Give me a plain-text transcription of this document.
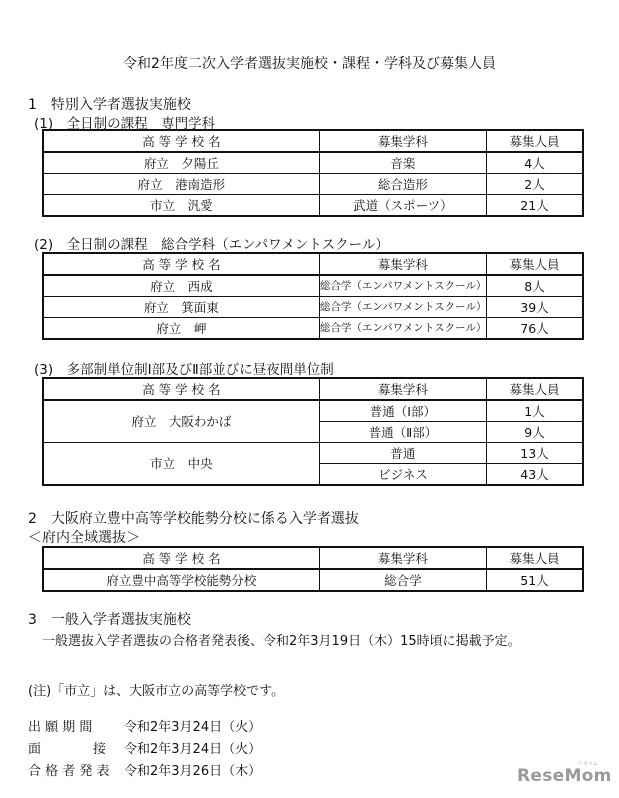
令和2年度二次入学者選抜実施校・課程・学科及び募集人員
1　特別入学者選抜実施校
(1)　全日制の課程　専門学科
高 等 学 校 名	募集学科	募集人員
府立　夕陽丘	音楽	4人
府立　港南造形	総合造形	2人
市立　汎愛	武道（スポーツ）	21人
(2)　全日制の課程　総合学科（エンパワメントスクール）
高 等 学 校 名	募集学科	募集人員
府立　西成	総合学（エンパワメントスクール）	8人
府立　箕面東	総合学（エンパワメントスクール）	39人
府立　岬	総合学（エンパワメントスクール）	76人
(3)　多部制単位制Ⅰ部及びⅡ部並びに昼夜間単位制
高 等 学 校 名	募集学科	募集人員
府立　大阪わかば	普通（Ⅰ部）	1人
	普通（Ⅱ部）	9人
市立　中央	普通	13人
	ビジネス	43人
2　大阪府立豊中高等学校能勢分校に係る入学者選抜
＜府内全域選抜＞
高 等 学 校 名	募集学科	募集人員
府立豊中高等学校能勢分校	総合学	51人
3　一般入学者選抜実施校
一般選抜入学者選抜の合格者発表後、令和2年3月19日（木）15時頃に掲載予定。
(注)「市立」は、大阪市立の高等学校です。
出 願 期 間 令和2年3月24日（火）
面　　　　接 令和2年3月24日（火）
合 格 者 発 表 令和2年3月26日（木）	リセマム
ReseMom
